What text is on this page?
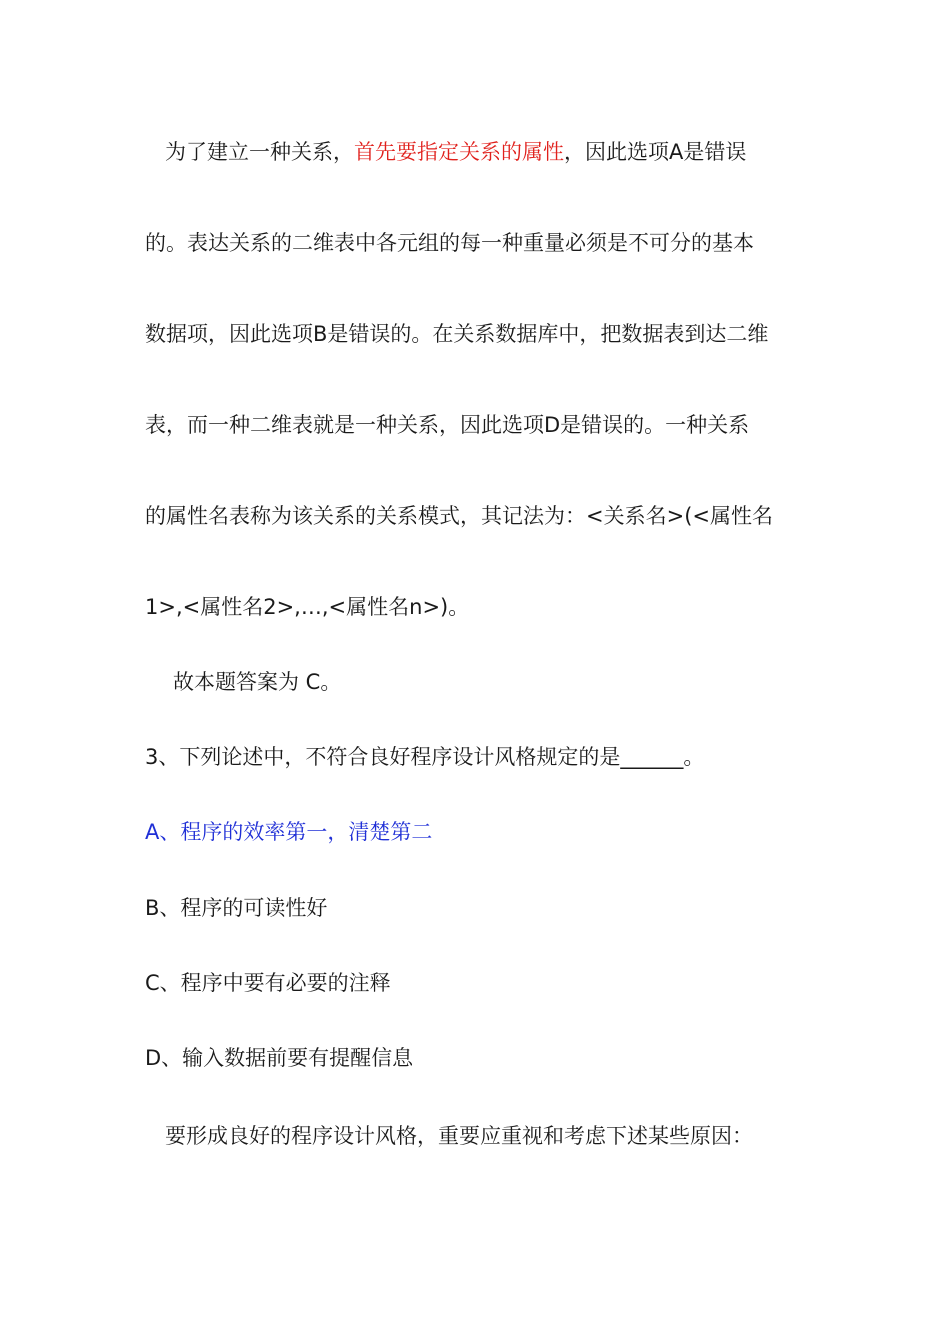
为了建立一种关系，首先要指定关系的属性，因此选项A是错误
的。表达关系的二维表中各元组的每一种重量必须是不可分的基本
数据项，因此选项B是错误的。在关系数据库中，把数据表到达二维
表，而一种二维表就是一种关系，因此选项D是错误的。一种关系
的属性名表称为该关系的关系模式，其记法为：<关系名>(<属性名
1>,<属性名2>,…,<属性名n>)。
故本题答案为 C。
3、下列论述中，不符合良好程序设计风格规定的是______。
A、程序的效率第一，清楚第二
B、程序的可读性好
C、程序中要有必要的注释
D、输入数据前要有提醒信息
要形成良好的程序设计风格，重要应重视和考虑下述某些原因：
